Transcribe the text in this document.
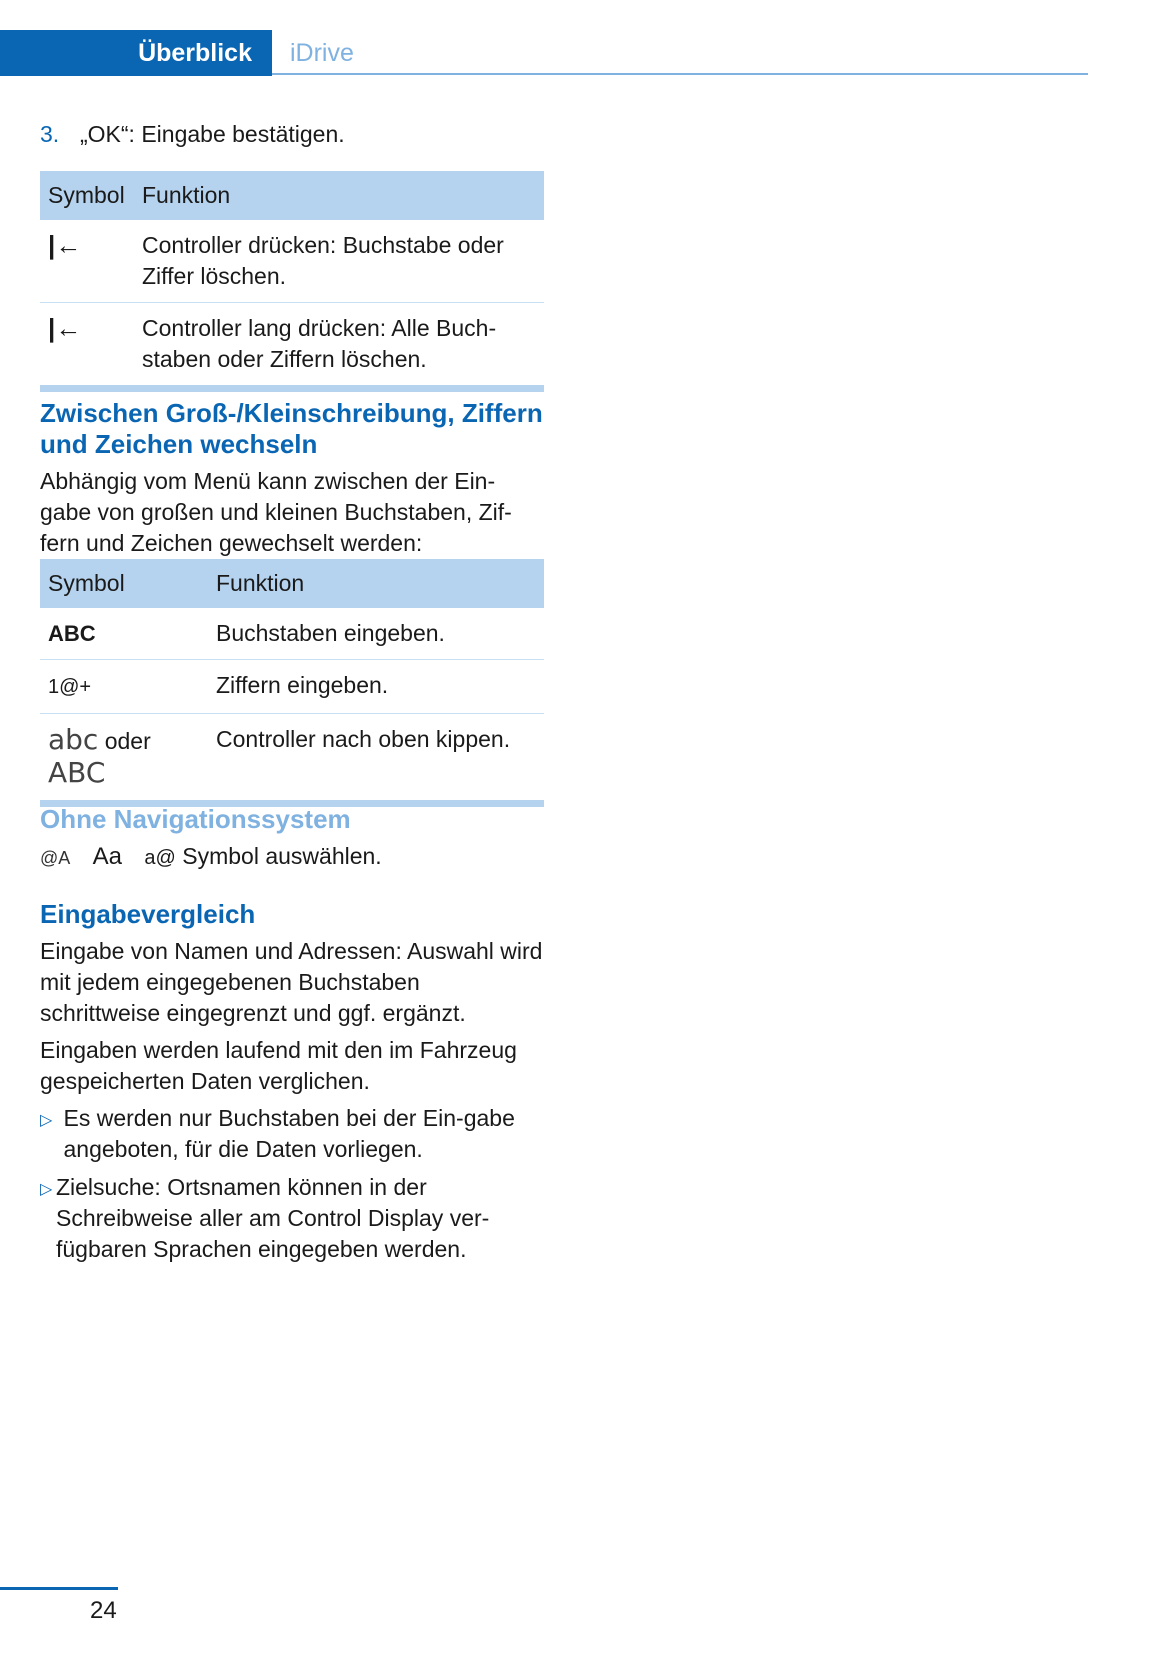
Überblick	iDrive
3. „OK“: Eingabe bestätigen.
Symbol	Funktion
|←	Controller drücken: Buchstabe oder Ziffer löschen.
|←	Controller lang drücken: Alle Buch-staben oder Ziffern löschen.
Zwischen Groß-/Kleinschreibung, Ziffern und Zeichen wechseln

Abhängig vom Menü kann zwischen der Ein-gabe von großen und kleinen Buchstaben, Zif-fern und Zeichen gewechselt werden:

Symbol	Funktion
ABC	Buchstaben eingeben.
1@+	Ziffern eingeben.
abc oder
ABC	Controller nach oben kippen.
Ohne Navigationssystem

@A Aa a@ Symbol auswählen.

Eingabevergleich

Eingabe von Namen und Adressen: Auswahl wird mit jedem eingegebenen Buchstaben schrittweise eingegrenzt und ggf. ergänzt.

Eingaben werden laufend mit den im Fahrzeug gespeicherten Daten verglichen.

▷ Es werden nur Buchstaben bei der Ein-gabe angeboten, für die Daten vorliegen.
▷ Zielsuche: Ortsnamen können in der Schreibweise aller am Control Display ver-fügbaren Sprachen eingegeben werden.
24
